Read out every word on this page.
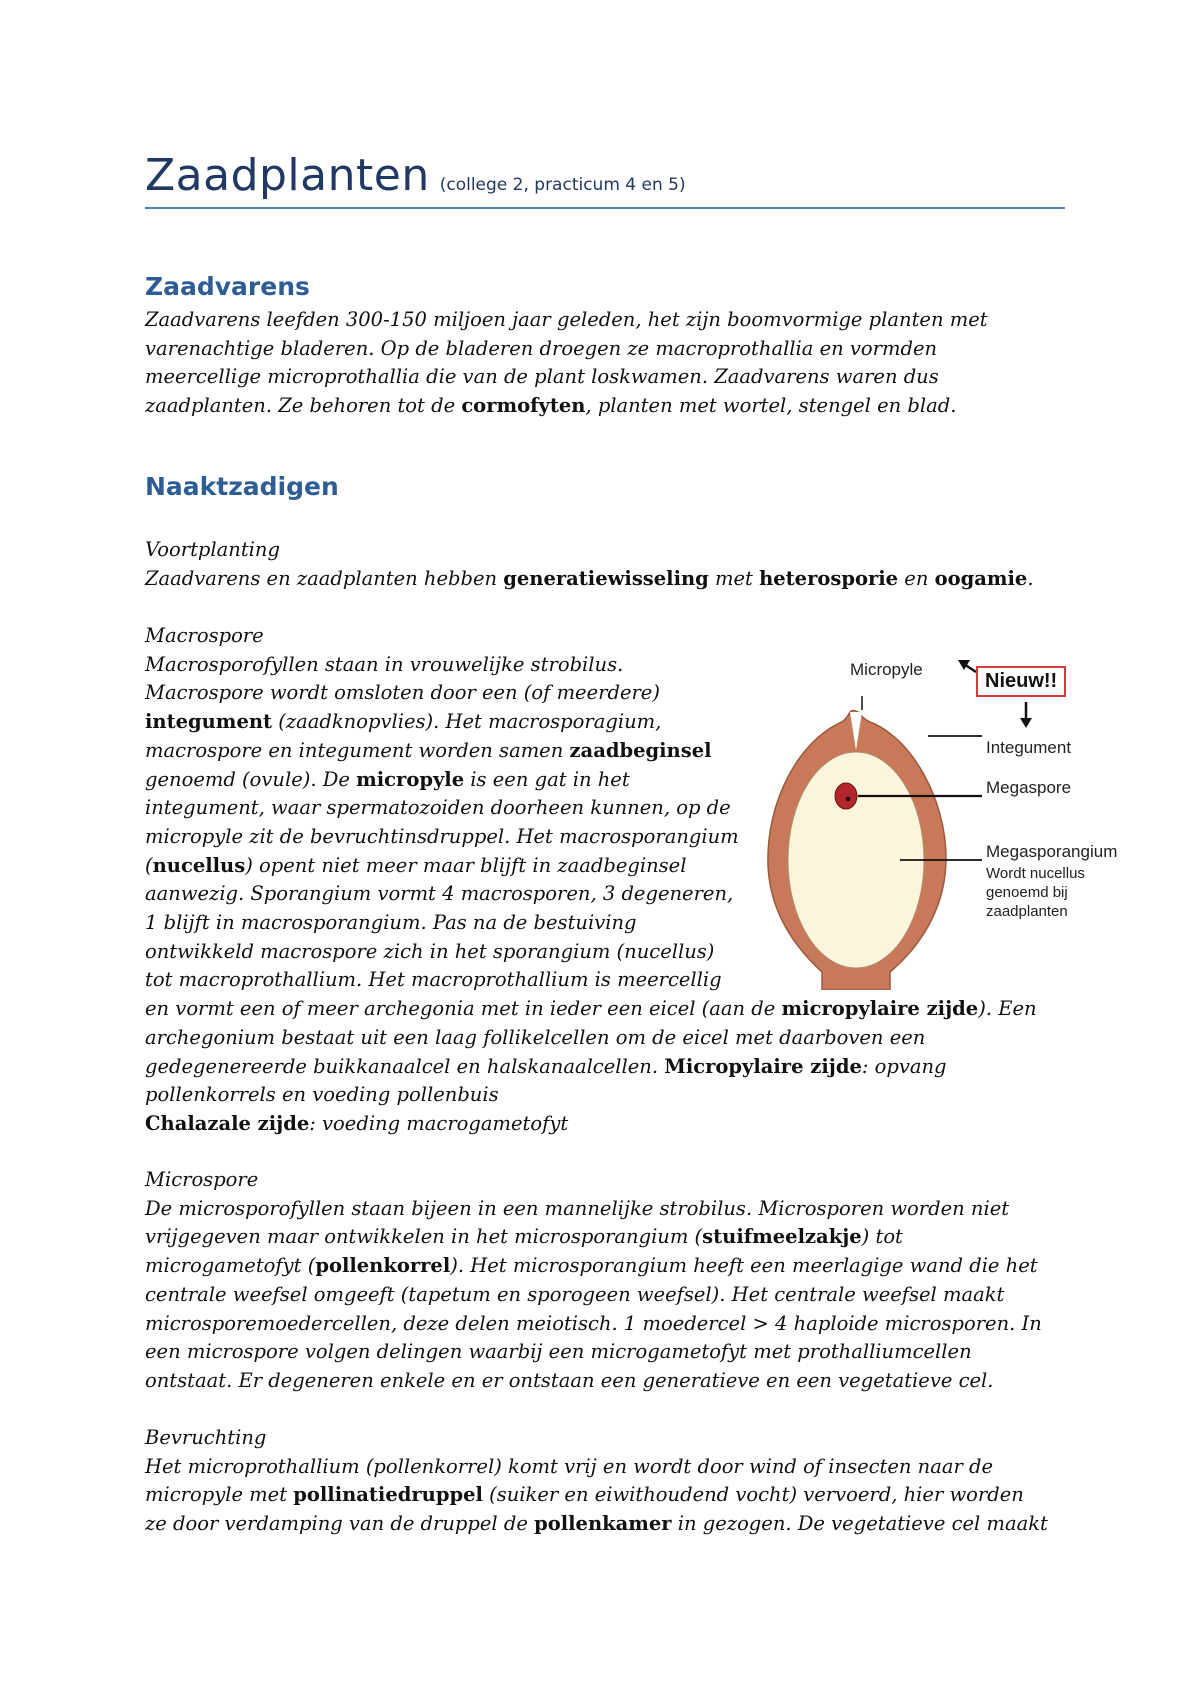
Zaadplanten (college 2, practicum 4 en 5)
Zaadvarens
Zaadvarens leefden 300-150 miljoen jaar geleden, het zijn boomvormige planten met
varenachtige bladeren. Op de bladeren droegen ze macroprothallia en vormden
meercellige microprothallia die van de plant loskwamen. Zaadvarens waren dus
zaadplanten. Ze behoren tot de cormofyten, planten met wortel, stengel en blad.
Naaktzadigen
Voortplanting
Zaadvarens en zaadplanten hebben generatiewisseling met heterosporie en oogamie.
Macrospore
Macrosporofyllen staan in vrouwelijke strobilus.
Macrospore wordt omsloten door een (of meerdere)
integument (zaadknopvlies). Het macrosporagium,
macrospore en integument worden samen zaadbeginsel
genoemd (ovule). De micropyle is een gat in het
integument, waar spermatozoiden doorheen kunnen, op de
micropyle zit de bevruchtinsdruppel. Het macrosporangium
(nucellus) opent niet meer maar blijft in zaadbeginsel
aanwezig. Sporangium vormt 4 macrosporen, 3 degeneren,
1 blijft in macrosporangium. Pas na de bestuiving
ontwikkeld macrospore zich in het sporangium (nucellus)
tot macroprothallium. Het macroprothallium is meercellig
en vormt een of meer archegonia met in ieder een eicel (aan de micropylaire zijde). Een
archegonium bestaat uit een laag follikelcellen om de eicel met daarboven een
gedegenereerde buikkanaalcel en halskanaalcellen. Micropylaire zijde: opvang
pollenkorrels en voeding pollenbuis
Chalazale zijde: voeding macrogametofyt
Micropyle
Nieuw!!
Integument
Megaspore
Megasporangium
Wordt nucellus
genoemd bij
zaadplanten
Microspore
De microsporofyllen staan bijeen in een mannelijke strobilus. Microsporen worden niet
vrijgegeven maar ontwikkelen in het microsporangium (stuifmeelzakje) tot
microgametofyt (pollenkorrel). Het microsporangium heeft een meerlagige wand die het
centrale weefsel omgeeft (tapetum en sporogeen weefsel). Het centrale weefsel maakt
microsporemoedercellen, deze delen meiotisch. 1 moedercel > 4 haploide microsporen. In
een microspore volgen delingen waarbij een microgametofyt met prothalliumcellen
ontstaat. Er degeneren enkele en er ontstaan een generatieve en een vegetatieve cel.
Bevruchting
Het microprothallium (pollenkorrel) komt vrij en wordt door wind of insecten naar de
micropyle met pollinatiedruppel (suiker en eiwithoudend vocht) vervoerd, hier worden
ze door verdamping van de druppel de pollenkamer in gezogen. De vegetatieve cel maakt
